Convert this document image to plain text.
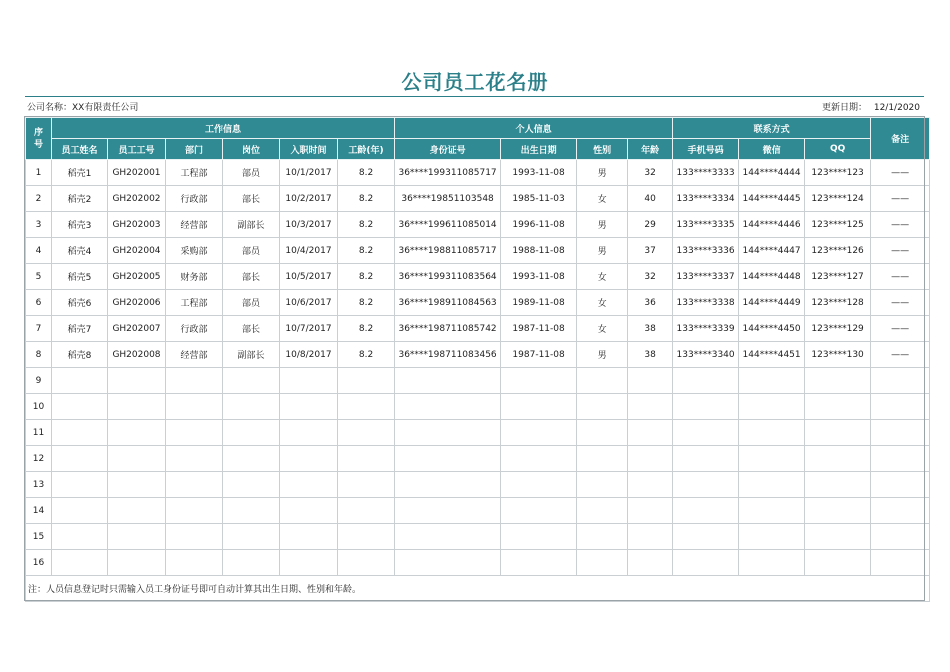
公司员工花名册
公司名称：XX有限责任公司	更新日期： 12/1/2020
序号	工作信息						个人信息				联系方式			备注
	员工姓名	员工工号	部门	岗位	入职时间	工龄(年)	身份证号	出生日期	性别	年龄	手机号码	微信	QQ	
1	稻壳1	GH202001	工程部	部员	10/1/2017	8.2	36****199311085717	1993-11-08	男	32	133****3333	144****4444	123****123	——
2	稻壳2	GH202002	行政部	部长	10/2/2017	8.2	36****19851103548	1985-11-03	女	40	133****3334	144****4445	123****124	——
3	稻壳3	GH202003	经营部	副部长	10/3/2017	8.2	36****199611085014	1996-11-08	男	29	133****3335	144****4446	123****125	——
4	稻壳4	GH202004	采购部	部员	10/4/2017	8.2	36****198811085717	1988-11-08	男	37	133****3336	144****4447	123****126	——
5	稻壳5	GH202005	财务部	部长	10/5/2017	8.2	36****199311083564	1993-11-08	女	32	133****3337	144****4448	123****127	——
6	稻壳6	GH202006	工程部	部员	10/6/2017	8.2	36****198911084563	1989-11-08	女	36	133****3338	144****4449	123****128	——
7	稻壳7	GH202007	行政部	部长	10/7/2017	8.2	36****198711085742	1987-11-08	女	38	133****3339	144****4450	123****129	——
8	稻壳8	GH202008	经营部	副部长	10/8/2017	8.2	36****198711083456	1987-11-08	男	38	133****3340	144****4451	123****130	——
9														
10														
11														
12														
13														
14														
15														
16														
注：人员信息登记时只需输入员工身份证号即可自动计算其出生日期、性别和年龄。														
